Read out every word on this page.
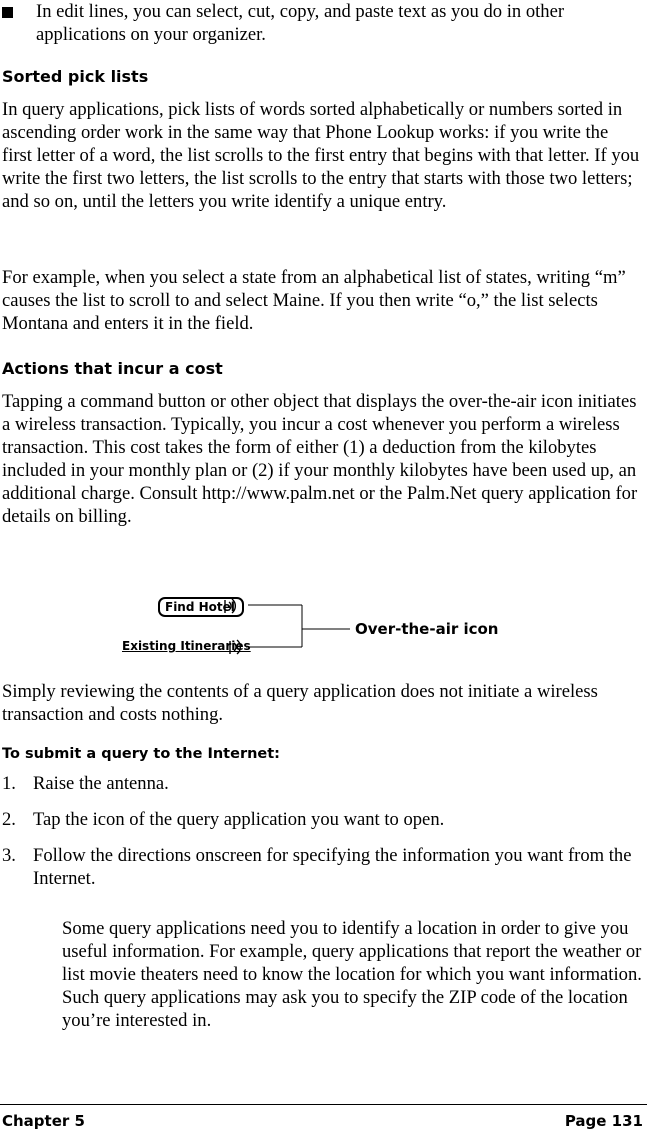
In edit lines, you can select, cut, copy, and paste text as you do in other applications on your organizer.

Sorted pick lists

In query applications, pick lists of words sorted alphabetically or numbers sorted in ascending order work in the same way that Phone Lookup works: if you write the first letter of a word, the list scrolls to the first entry that begins with that letter. If you write the first two letters, the list scrolls to the entry that starts with those two letters; and so on, until the letters you write identify a unique entry.

For example, when you select a state from an alphabetical list of states, writing “m” causes the list to scroll to and select Maine. If you then write “o,” the list selects Montana and enters it in the field.

Actions that incur a cost

Tapping a command button or other object that displays the over-the-air icon initiates a wireless transaction. Typically, you incur a cost whenever you perform a wireless transaction. This cost takes the form of either (1) a deduction from the kilobytes included in your monthly plan or (2) if your monthly kilobytes have been used up, an additional charge. Consult http://www.palm.net or the Palm.Net query application for details on billing.

Find Hotel
Existing Itineraries
Over-the-air icon

Simply reviewing the contents of a query application does not initiate a wireless transaction and costs nothing.

To submit a query to the Internet:
1. Raise the antenna.
2. Tap the icon of the query application you want to open.
3. Follow the directions onscreen for specifying the information you want from the Internet.

Some query applications need you to identify a location in order to give you useful information. For example, query applications that report the weather or list movie theaters need to know the location for which you want information. Such query applications may ask you to specify the ZIP code of the location you’re interested in.

Chapter 5	Page 131
